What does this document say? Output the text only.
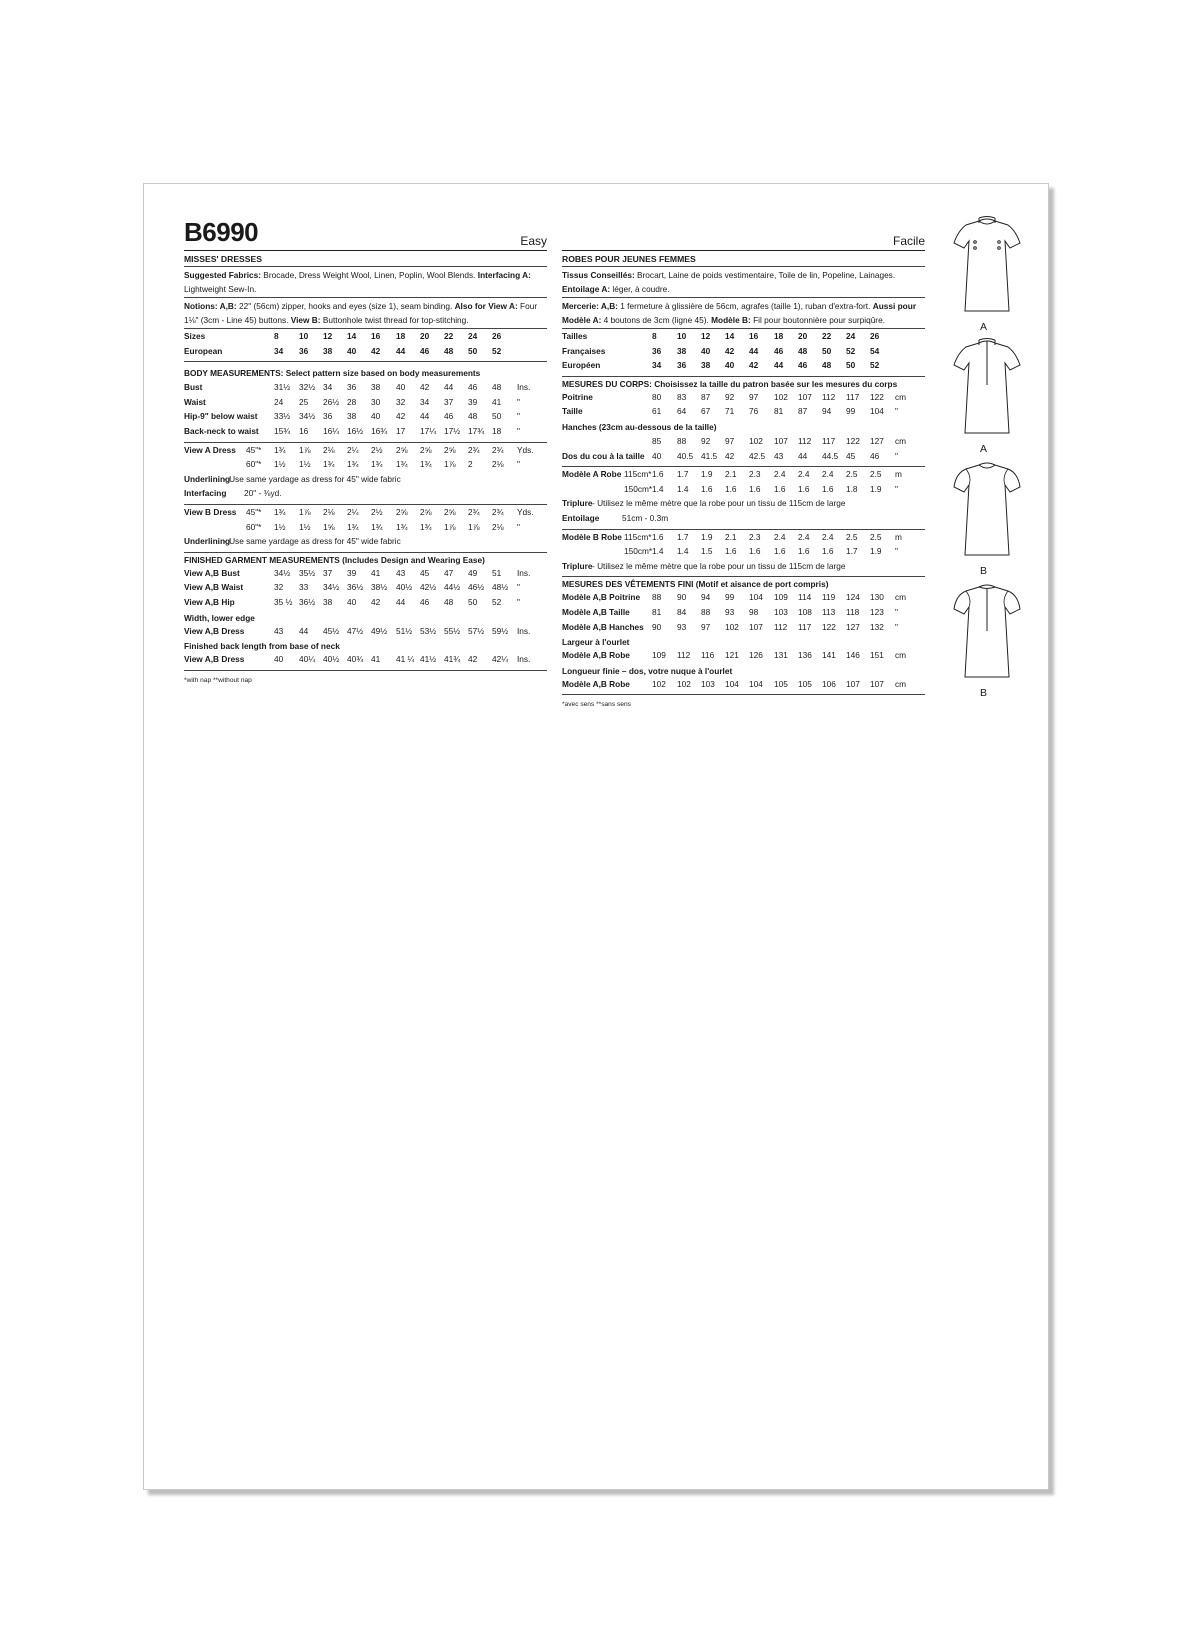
B6990	Easy
MISSES' DRESSES
Suggested Fabrics: Brocade, Dress Weight Wool, Linen, Poplin, Wool Blends. Interfacing A: Lightweight Sew-In.
Notions: A,B: 22" (56cm) zipper, hooks and eyes (size 1), seam binding. Also for View A: Four 1⅛" (3cm - Line 45) buttons. View B: Buttonhole twist thread for top-stitching.
Sizes	8 10 12 14 16 18 20 22 24 26
European	34 36 38 40 42 44 46 48 50 52
BODY MEASUREMENTS: Select pattern size based on body measurements
Bust	31½ 32½ 34 36 38 40 42 44 46 48 Ins.
Waist	24 25 26½ 28 30 32 34 37 39 41 "
Hip-9" below waist 33½ 34½ 36 38 40 42 44 46 48 50 "
Back-neck to waist 15¾ 16 16¼ 16½ 16¾ 17 17¼ 17½ 17¾ 18 "
View A Dress 45"* 1¾ 1⅞ 2⅛ 2¼ 2½ 2⅝ 2⅝ 2⅝ 2¾ 2¾ Yds.
60"* 1½ 1½ 1¾ 1¾ 1¾ 1¾ 1¾ 1⅞ 2 2⅛ "
Underlining
- Use same yardage as dress for 45" wide fabric
Interfacing 20" - ⅜yd.
View B Dress 45"* 1¾ 1⅞ 2⅛ 2¼ 2½ 2⅝ 2⅝ 2⅝ 2¾ 2¾ Yds.
60"* 1½ 1½ 1⅝ 1¾ 1¾ 1¾ 1¾ 1⅞ 1⅞ 2⅛ "
Underlining
- Use same yardage as dress for 45" wide fabric
FINISHED GARMENT MEASUREMENTS (Includes Design and Wearing Ease)
View A,B Bust	34½ 35½ 37 39 41 43 45 47 49 51 Ins.
View A,B Waist	32 33 34½ 36½ 38½ 40½ 42½ 44½ 46½ 48½ "
View A,B Hip	35 ½ 36½ 38 40 42 44 46 48 50 52 "
Width, lower edge
View A,B Dress	43 44 45½ 47½ 49½ 51½ 53½ 55½ 57½ 59½ Ins.
Finished back length from base of neck
View A,B Dress	40 40¼ 40½ 40¾ 41 41 ¼ 41½ 41¾ 42 42¼ Ins.
*with nap **without nap
Facile
ROBES POUR JEUNES FEMMES
Tissus Conseillés: Brocart, Laine de poids vestimentaire, Toile de lin, Popeline, Lainages. Entoilage A: léger, à coudre.
Mercerie: A,B: 1 fermeture à glissière de 56cm, agrafes (taille 1), ruban d'extra-fort. Aussi pour Modèle A: 4 boutons de 3cm (ligne 45). Modèle B: Fil pour boutonnière pour surpiqûre.
Tailles	8 10 12 14 16 18 20 22 24 26
Françaises	36 38 40 42 44 46 48 50 52 54
Européen	34 36 38 40 42 44 46 48 50 52
MESURES DU CORPS: Choisissez la taille du patron basée sur les mesures du corps
Poitrine	80 83 87 92 97 102 107 112 117 122 cm
Taille	61 64 67 71 76 81 87 94 99 104 "
Hanches (23cm au-dessous de la taille)
85 88 92 97 102 107 112 117 122 127 cm
Dos du cou à la taille 40 40.5 41.5 42 42.5 43 44 44.5 45 46 "
Modèle A Robe 115cm* 1.6 1.7 1.9 2.1 2.3 2.4 2.4 2.4 2.5 2.5 m
150cm* 1.4 1.4 1.6 1.6 1.6 1.6 1.6 1.6 1.8 1.9 "
Triplure - Utilisez le même mètre que la robe pour un tissu de 115cm de large
Entoilage	51cm - 0.3m
Modèle B Robe 115cm* 1.6 1.7 1.9 2.1 2.3 2.4 2.4 2.4 2.5 2.5 m
150cm* 1.4 1.4 1.5 1.6 1.6 1.6 1.6 1.6 1.7 1.9 "
Triplure - Utilisez le même mètre que la robe pour un tissu de 115cm de large
MESURES DES VÊTEMENTS FINI (Motif et aisance de port compris)
Modèle A,B Poitrine 88 90 94 99 104 109 114 119 124 130 cm
Modèle A,B Taille	81 84 88 93 98 103 108 113 118 123 "
Modèle A,B Hanches 90 93 97 102 107 112 117 122 127 132 "
Largeur à l'ourlet
Modèle A,B Robe	109 112 116 121 126 131 136 141 146 151 cm
Longueur finie – dos, votre nuque à l'ourlet
Modèle A,B Robe	102 102 103 104 104 105 105 106 107 107 cm
*avec sens **sans sens
A
A
B
B
